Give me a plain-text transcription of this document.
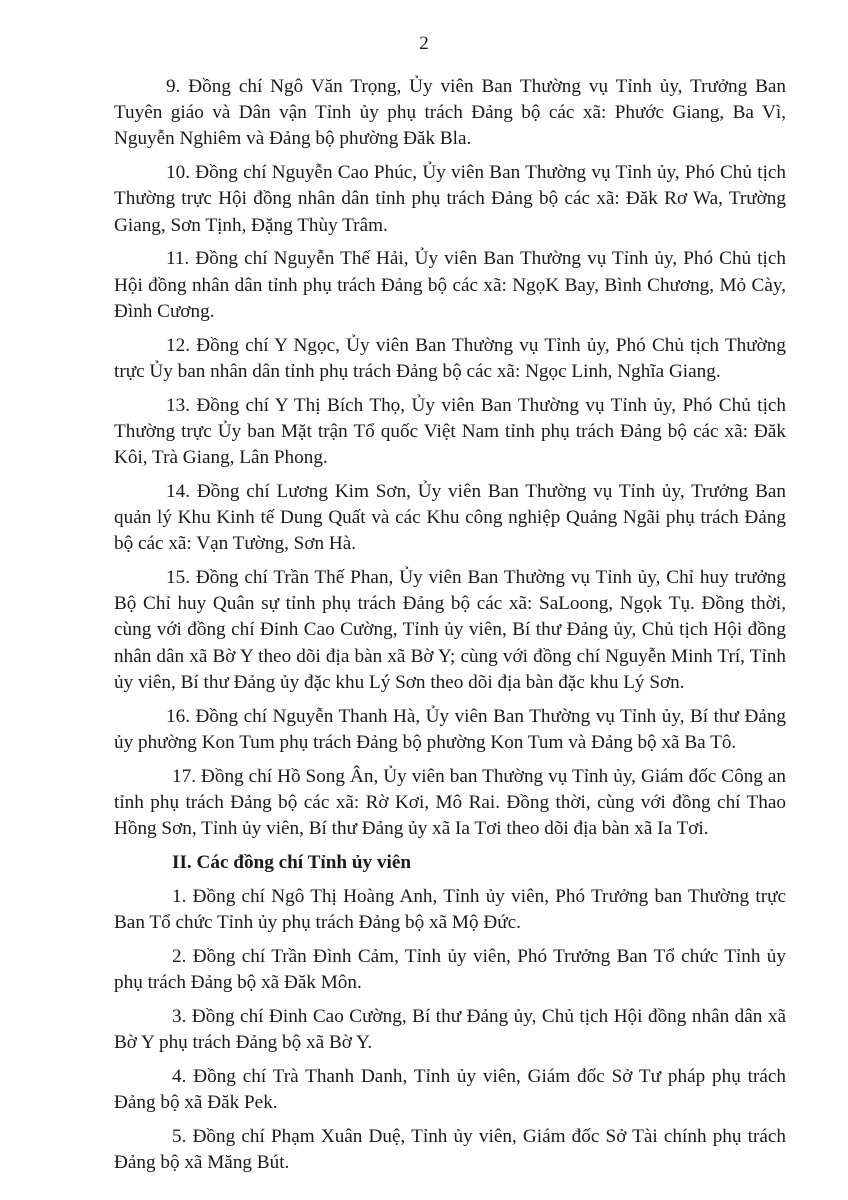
2

9. Đồng chí Ngô Văn Trọng, Ủy viên Ban Thường vụ Tỉnh ủy, Trưởng Ban Tuyên giáo và Dân vận Tỉnh ủy phụ trách Đảng bộ các xã: Phước Giang, Ba Vì, Nguyễn Nghiêm và Đảng bộ phường Đăk Bla.

10. Đồng chí Nguyễn Cao Phúc, Ủy viên Ban Thường vụ Tỉnh ủy, Phó Chủ tịch Thường trực Hội đồng nhân dân tỉnh phụ trách Đảng bộ các xã: Đăk Rơ Wa, Trường Giang, Sơn Tịnh, Đặng Thùy Trâm.

11. Đồng chí Nguyễn Thế Hải, Ủy viên Ban Thường vụ Tỉnh ủy, Phó Chủ tịch Hội đồng nhân dân tỉnh phụ trách Đảng bộ các xã: NgọK Bay, Bình Chương, Mỏ Cày, Đình Cương.

12. Đồng chí Y Ngọc, Ủy viên Ban Thường vụ Tỉnh ủy, Phó Chủ tịch Thường trực Ủy ban nhân dân tỉnh phụ trách Đảng bộ các xã: Ngọc Linh, Nghĩa Giang.

13. Đồng chí Y Thị Bích Thọ, Ủy viên Ban Thường vụ Tỉnh ủy, Phó Chủ tịch Thường trực Ủy ban Mặt trận Tổ quốc Việt Nam tỉnh phụ trách Đảng bộ các xã: Đăk Kôi, Trà Giang, Lân Phong.

14. Đồng chí Lương Kim Sơn, Ủy viên Ban Thường vụ Tỉnh ủy, Trưởng Ban quản lý Khu Kinh tế Dung Quất và các Khu công nghiệp Quảng Ngãi phụ trách Đảng bộ các xã: Vạn Tường, Sơn Hà.

15. Đồng chí Trần Thế Phan, Ủy viên Ban Thường vụ Tỉnh ủy, Chỉ huy trưởng Bộ Chỉ huy Quân sự tỉnh phụ trách Đảng bộ các xã: SaLoong, Ngọk Tụ. Đồng thời, cùng với đồng chí Đinh Cao Cường, Tỉnh ủy viên, Bí thư Đảng ủy, Chủ tịch Hội đồng nhân dân xã Bờ Y theo dõi địa bàn xã Bờ Y; cùng với đồng chí Nguyễn Minh Trí, Tỉnh ủy viên, Bí thư Đảng ủy đặc khu Lý Sơn theo dõi địa bàn đặc khu Lý Sơn.

16. Đồng chí Nguyễn Thanh Hà, Ủy viên Ban Thường vụ Tỉnh ủy, Bí thư Đảng ủy phường Kon Tum phụ trách Đảng bộ phường Kon Tum và Đảng bộ xã Ba Tô.

17. Đồng chí Hồ Song Ân, Ủy viên ban Thường vụ Tỉnh ủy, Giám đốc Công an tỉnh phụ trách Đảng bộ các xã: Rờ Kơi, Mô Rai. Đồng thời, cùng với đồng chí Thao Hồng Sơn, Tỉnh ủy viên, Bí thư Đảng ủy xã Ia Tơi theo dõi địa bàn xã Ia Tơi.

II. Các đồng chí Tỉnh ủy viên

1. Đồng chí Ngô Thị Hoàng Anh, Tỉnh ủy viên, Phó Trưởng ban Thường trực Ban Tổ chức Tỉnh ủy phụ trách Đảng bộ xã Mộ Đức.

2. Đồng chí Trần Đình Cảm, Tỉnh ủy viên, Phó Trưởng Ban Tổ chức Tỉnh ủy phụ trách Đảng bộ xã Đăk Môn.

3. Đồng chí Đinh Cao Cường, Bí thư Đảng ủy, Chủ tịch Hội đồng nhân dân xã Bờ Y phụ trách Đảng bộ xã Bờ Y.

4. Đồng chí Trà Thanh Danh, Tỉnh ủy viên, Giám đốc Sở Tư pháp phụ trách Đảng bộ xã Đăk Pek.

5. Đồng chí Phạm Xuân Duệ, Tỉnh ủy viên, Giám đốc Sở Tài chính phụ trách Đảng bộ xã Măng Bút.
